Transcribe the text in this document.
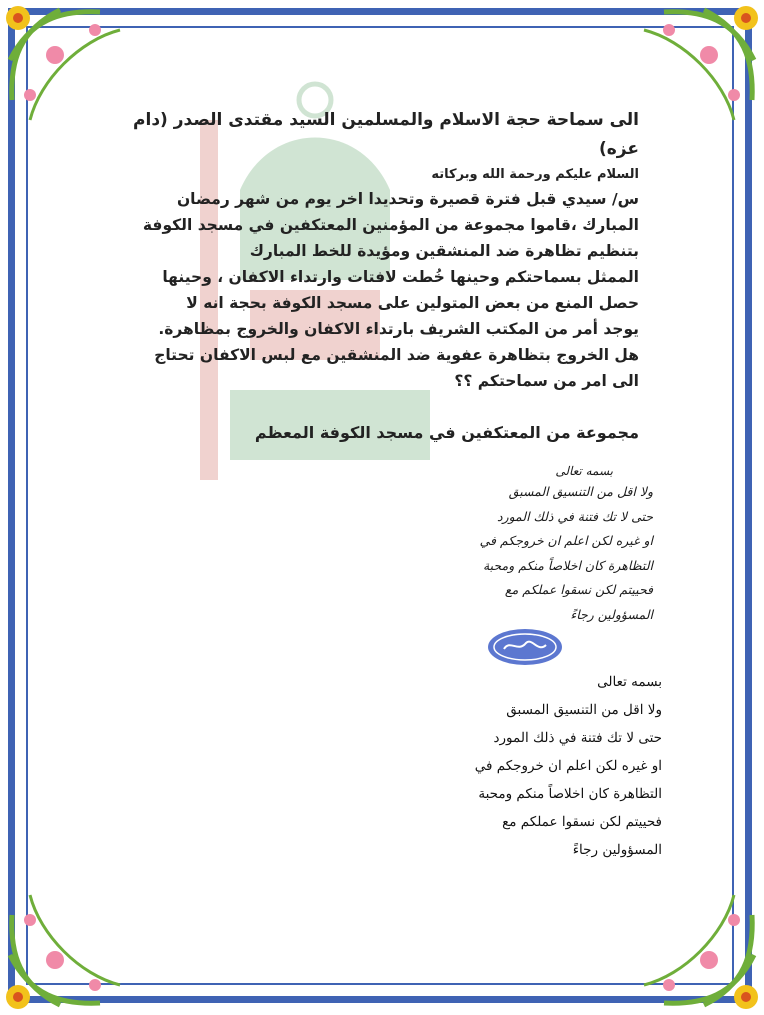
الى سماحة حجة الاسلام والمسلمين السيد مقتدى الصدر (دام عزه)

السلام عليكم ورحمة الله وبركاته

س/ سيدي قبل فترة قصيرة وتحديدا اخر يوم من شهر رمضان

المبارك ،قاموا مجموعة من المؤمنين المعتكفين في مسجد الكوفة

بتنظيم تظاهرة ضد المنشقين ومؤيدة للخط المبارك

الممثل بسماحتكم وحينها خُطت لافتات وارتداء الاكفان ، وحينها

حصل المنع من بعض المتولين على مسجد الكوفة بحجة انه لا

يوجد أمر من المكتب الشريف بارتداء الاكفان والخروج بمظاهرة.

هل الخروج بتظاهرة عفوية ضد المنشقين مع لبس الاكفان تحتاج

الى امر من سماحتكم ؟؟

مجموعة من المعتكفين في مسجد الكوفة المعظم

بسمه تعالى

ولا اقل من التنسيق المسبق

حتى لا تك فتنة في ذلك المورد

او غيره لكن اعلم ان خروجكم في

التظاهرة كان اخلاصاً منكم ومحبة

فحييتم لكن نسقوا عملكم مع

المسؤولين رجاءً

بسمه تعالى

ولا اقل من التنسيق المسبق

حتى لا تك فتنة في ذلك المورد

او غيره لكن اعلم ان خروجكم في

التظاهرة كان اخلاصاً منكم ومحبة

فحييتم لكن نسقوا عملكم مع

المسؤولين رجاءً
